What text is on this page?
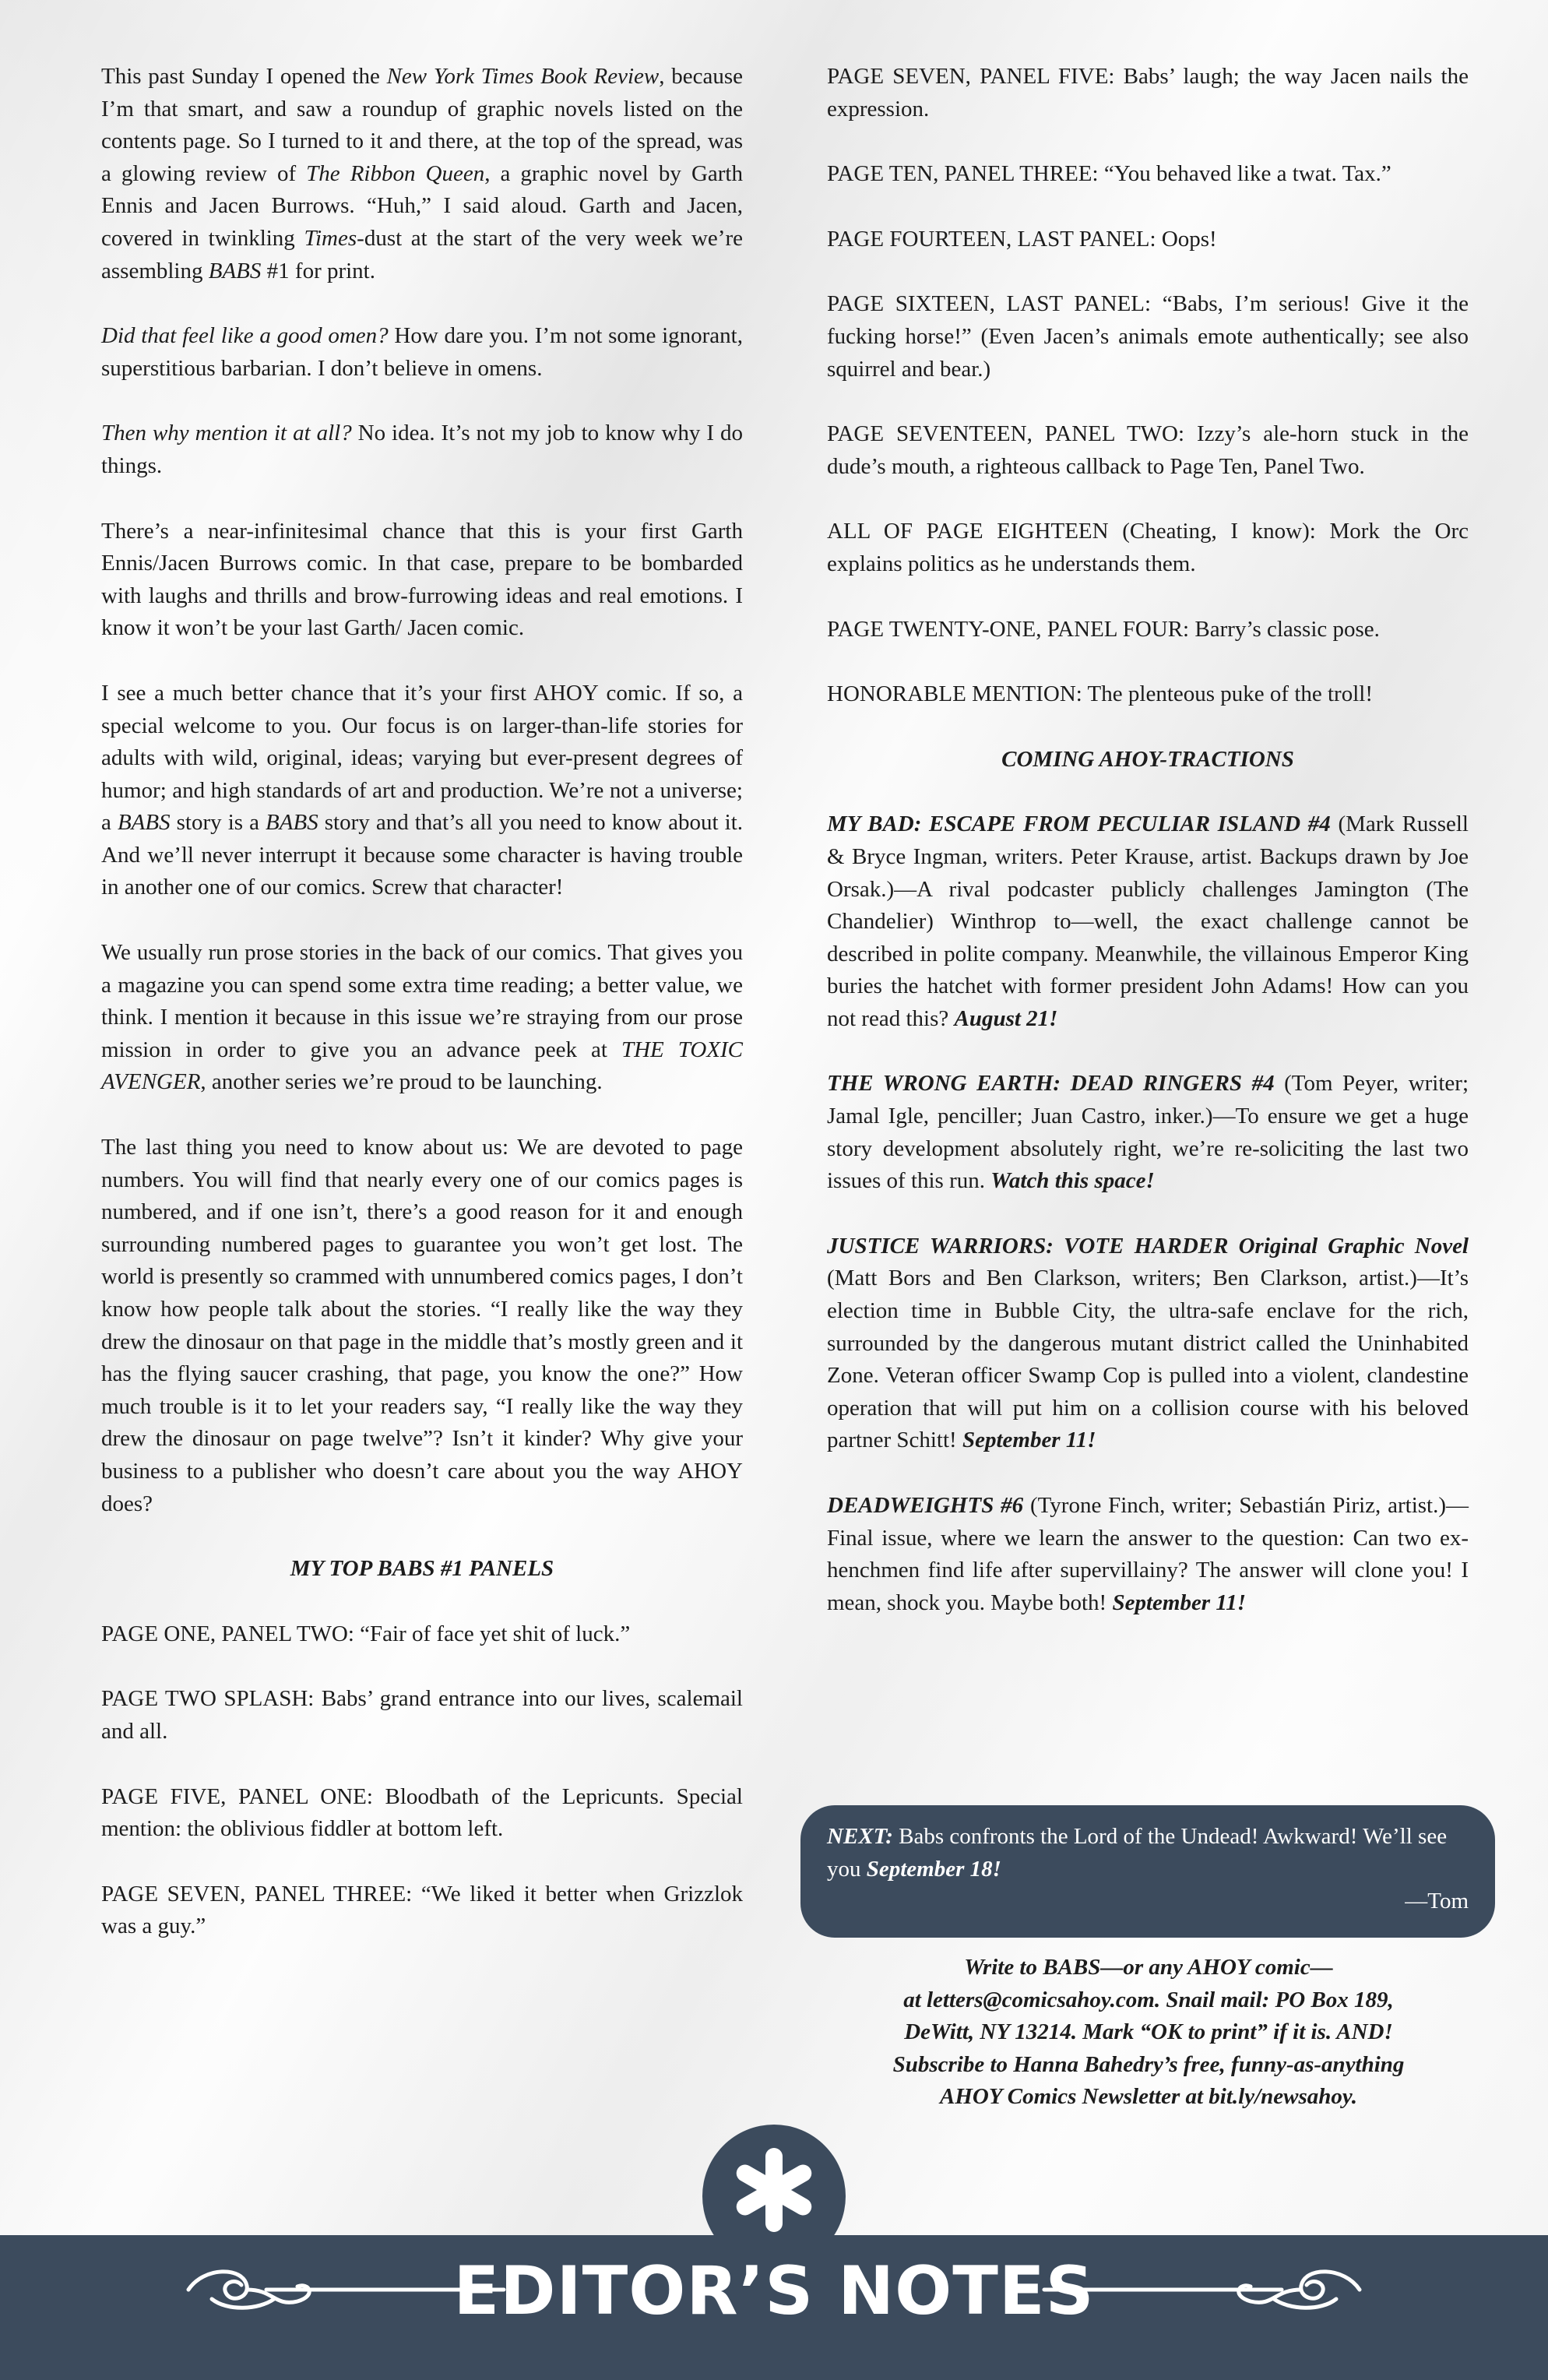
This past Sunday I opened the New York Times Book Review, because I’m that smart, and saw a roundup of graphic novels listed on the contents page. So I turned to it and there, at the top of the spread, was a glowing review of The Ribbon Queen, a graphic novel by Garth Ennis and Jacen Burrows. “Huh,” I said aloud. Garth and Jacen, covered in twinkling Times-dust at the start of the very week we’re assembling BABS #1 for print.

Did that feel like a good omen? How dare you. I’m not some ignorant, superstitious barbarian. I don’t believe in omens.

Then why mention it at all? No idea. It’s not my job to know why I do things.

There’s a near-infinitesimal chance that this is your first Garth Ennis/Jacen Burrows comic. In that case, prepare to be bombarded with laughs and thrills and brow-furrowing ideas and real emotions. I know it won’t be your last Garth/ Jacen comic.

I see a much better chance that it’s your first AHOY comic. If so, a special welcome to you. Our focus is on larger-than-life stories for adults with wild, original, ideas; varying but ever-present degrees of humor; and high standards of art and production. We’re not a universe; a BABS story is a BABS story and that’s all you need to know about it. And we’ll never interrupt it because some character is having trouble in another one of our comics. Screw that character!

We usually run prose stories in the back of our comics. That gives you a magazine you can spend some extra time reading; a better value, we think. I mention it because in this issue we’re straying from our prose mission in order to give you an advance peek at THE TOXIC AVENGER, another series we’re proud to be launching.

The last thing you need to know about us: We are devoted to page numbers. You will find that nearly every one of our comics pages is numbered, and if one isn’t, there’s a good reason for it and enough surrounding numbered pages to guarantee you won’t get lost. The world is presently so crammed with unnumbered comics pages, I don’t know how people talk about the stories. “I really like the way they drew the dinosaur on that page in the middle that’s mostly green and it has the flying saucer crashing, that page, you know the one?” How much trouble is it to let your readers say, “I really like the way they drew the dinosaur on page twelve”? Isn’t it kinder? Why give your business to a publisher who doesn’t care about you the way AHOY does?

MY TOP BABS #1 PANELS

PAGE ONE, PANEL TWO: “Fair of face yet shit of luck.”

PAGE TWO SPLASH: Babs’ grand entrance into our lives, scalemail and all.

PAGE FIVE, PANEL ONE: Bloodbath of the Lepricunts. Special mention: the oblivious fiddler at bottom left.

PAGE SEVEN, PANEL THREE: “We liked it better when Grizzlok was a guy.”

PAGE SEVEN, PANEL FIVE: Babs’ laugh; the way Jacen nails the expression.

PAGE TEN, PANEL THREE: “You behaved like a twat. Tax.”

PAGE FOURTEEN, LAST PANEL: Oops!

PAGE SIXTEEN, LAST PANEL: “Babs, I’m serious! Give it the fucking horse!” (Even Jacen’s animals emote authentically; see also squirrel and bear.)

PAGE SEVENTEEN, PANEL TWO: Izzy’s ale-horn stuck in the dude’s mouth, a righteous callback to Page Ten, Panel Two.

ALL OF PAGE EIGHTEEN (Cheating, I know): Mork the Orc explains politics as he understands them.

PAGE TWENTY-ONE, PANEL FOUR: Barry’s classic pose.

HONORABLE MENTION: The plenteous puke of the troll!

COMING AHOY-TRACTIONS

MY BAD: ESCAPE FROM PECULIAR ISLAND #4 (Mark Russell & Bryce Ingman, writers. Peter Krause, artist. Backups drawn by Joe Orsak.)—A rival podcaster publicly challenges Jamington (The Chandelier) Winthrop to—well, the exact challenge cannot be described in polite company. Meanwhile, the villainous Emperor King buries the hatchet with former president John Adams! How can you not read this? August 21!

THE WRONG EARTH: DEAD RINGERS #4 (Tom Peyer, writer; Jamal Igle, penciller; Juan Castro, inker.)—To ensure we get a huge story development absolutely right, we’re re-soliciting the last two issues of this run. Watch this space!

JUSTICE WARRIORS: VOTE HARDER Original Graphic Novel (Matt Bors and Ben Clarkson, writers; Ben Clarkson, artist.)—It’s election time in Bubble City, the ultra-safe enclave for the rich, surrounded by the dangerous mutant district called the Uninhabited Zone. Veteran officer Swamp Cop is pulled into a violent, clandestine operation that will put him on a collision course with his beloved partner Schitt! September 11!

DEADWEIGHTS #6 (Tyrone Finch, writer; Sebastián Piriz, artist.)—Final issue, where we learn the answer to the question: Can two ex-henchmen find life after supervillainy? The answer will clone you! I mean, shock you. Maybe both! September 11!

NEXT: Babs confronts the Lord of the Undead! Awkward! We’ll see you September 18!
—Tom
Write to BABS—or any AHOY comic—
at letters@comicsahoy.com. Snail mail: PO Box 189,
DeWitt, NY 13214. Mark “OK to print” if it is. AND!
Subscribe to Hanna Bahedry’s free, funny-as-anything
AHOY Comics Newsletter at bit.ly/newsahoy.
EDITOR’S NOTES
